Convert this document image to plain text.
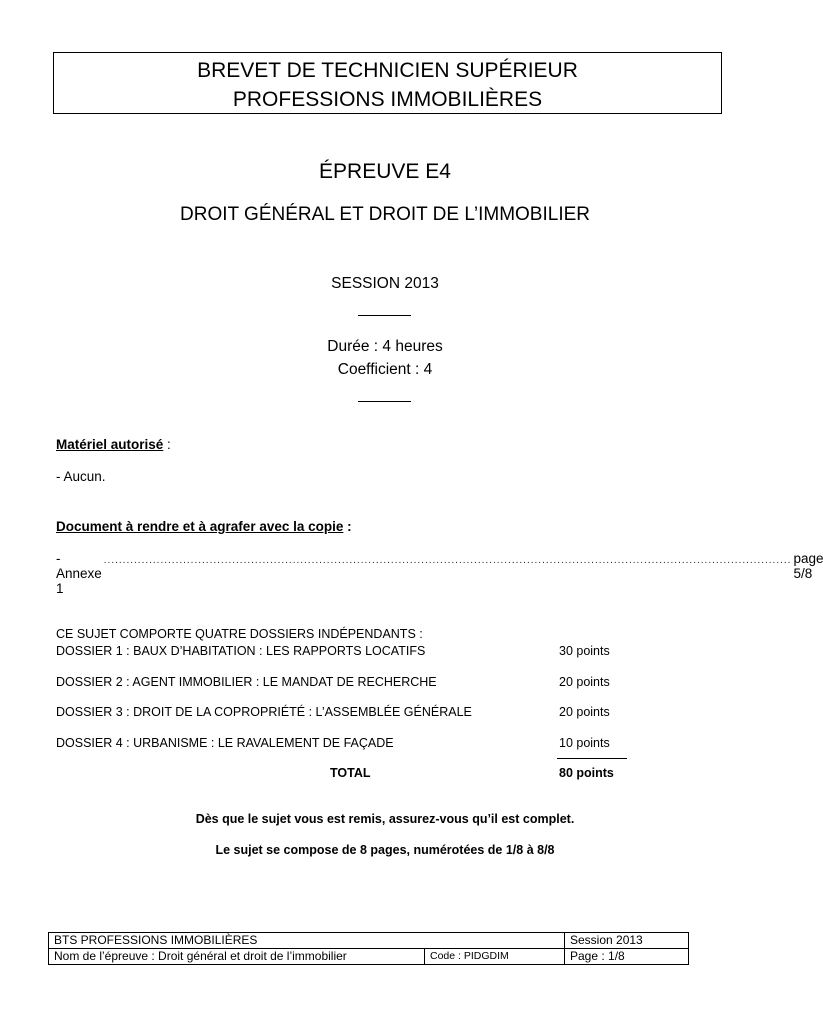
BREVET DE TECHNICIEN SUPÉRIEUR
PROFESSIONS IMMOBILIÈRES
ÉPREUVE E4
DROIT GÉNÉRAL ET DROIT DE L’IMMOBILIER
SESSION 2013
Durée : 4 heures
Coefficient : 4
Matériel autorisé :
- Aucun.
Document à rendre et à agrafer avec la copie :
- Annexe 1
...................................................................................................................................................................................... page 5/8
CE SUJET COMPORTE QUATRE DOSSIERS INDÉPENDANTS :
DOSSIER 1 : BAUX D’HABITATION : LES RAPPORTS LOCATIFS	30 points
DOSSIER 2 : AGENT IMMOBILIER : LE MANDAT DE RECHERCHE	20 points
DOSSIER 3 : DROIT DE LA COPROPRIÉTÉ : L’ASSEMBLÉE GÉNÉRALE	20 points
DOSSIER 4 : URBANISME : LE RAVALEMENT DE FAÇADE	10 points
TOTAL	80 points
Dès que le sujet vous est remis, assurez-vous qu’il est complet.
Le sujet se compose de 8 pages, numérotées de 1/8 à 8/8
BTS PROFESSIONS IMMOBILIÈRES		Session 2013
Nom de l’épreuve : Droit général et droit de l’immobilier	Code : PIDGDIM	Page : 1/8
